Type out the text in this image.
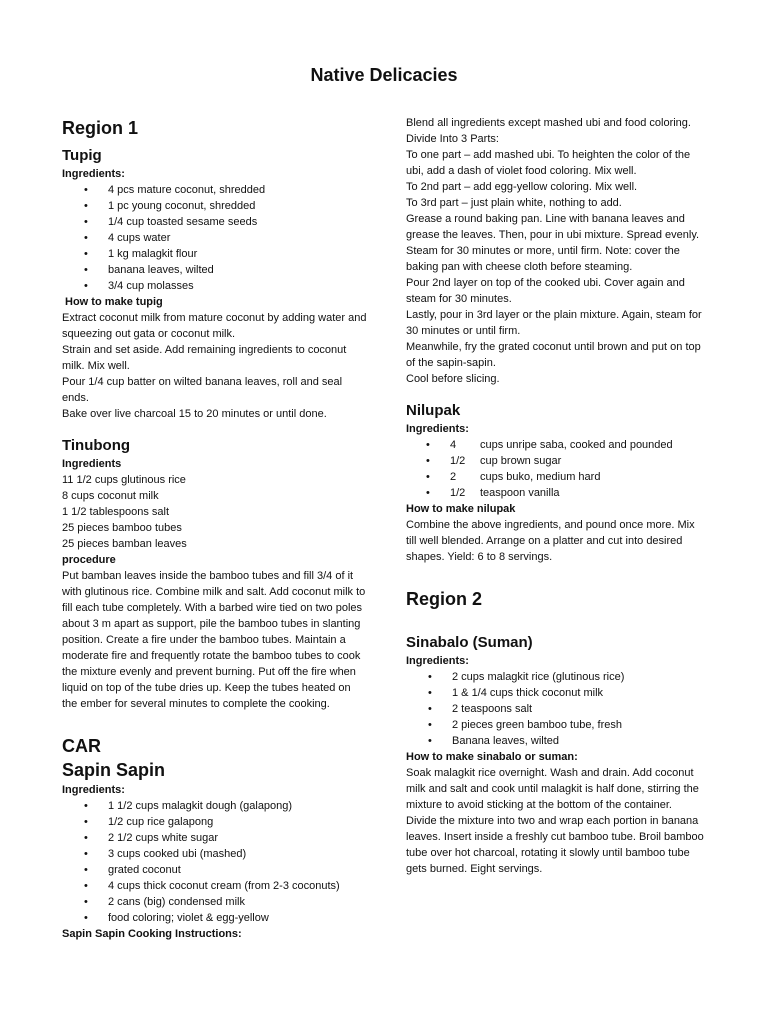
Native Delicacies
Region 1
Tupig
Ingredients:
• 4 pcs mature coconut, shredded
• 1 pc young coconut, shredded
• 1/4 cup toasted sesame seeds
• 4 cups water
• 1 kg malagkit flour
• banana leaves, wilted
• 3/4 cup molasses
How to make tupig
Extract coconut milk from mature coconut by adding water and squeezing out gata or coconut milk.
Strain and set aside. Add remaining ingredients to coconut milk. Mix well.
Pour 1/4 cup batter on wilted banana leaves, roll and seal ends.
Bake over live charcoal 15 to 20 minutes or until done.
Tinubong
Ingredients
11 1/2 cups glutinous rice
8 cups coconut milk
1 1/2 tablespoons salt
25 pieces bamboo tubes
25 pieces bamban leaves
procedure
Put bamban leaves inside the bamboo tubes and fill 3/4 of it with glutinous rice. Combine milk and salt. Add coconut milk to fill each tube completely. With a barbed wire tied on two poles about 3 m apart as support, pile the bamboo tubes in slanting position. Create a fire under the bamboo tubes. Maintain a moderate fire and frequently rotate the bamboo tubes to cook the mixture evenly and prevent burning. Put off the fire when liquid on top of the tube dries up. Keep the tubes heated on the ember for several minutes to complete the cooking.
CAR
Sapin Sapin
Ingredients:
• 1 1/2 cups malagkit dough (galapong)
• 1/2 cup rice galapong
• 2 1/2 cups white sugar
• 3 cups cooked ubi (mashed)
• grated coconut
• 4 cups thick coconut cream (from 2-3 coconuts)
• 2 cans (big) condensed milk
• food coloring; violet & egg-yellow
Sapin Sapin Cooking Instructions:
Blend all ingredients except mashed ubi and food coloring.
Divide Into 3 Parts:
To one part – add mashed ubi. To heighten the color of the ubi, add a dash of violet food coloring. Mix well.
To 2nd part – add egg-yellow coloring. Mix well.
To 3rd part – just plain white, nothing to add.
Grease a round baking pan. Line with banana leaves and grease the leaves. Then, pour in ubi mixture. Spread evenly. Steam for 30 minutes or more, until firm. Note: cover the baking pan with cheese cloth before steaming.
Pour 2nd layer on top of the cooked ubi. Cover again and steam for 30 minutes.
Lastly, pour in 3rd layer or the plain mixture. Again, steam for 30 minutes or until firm.
Meanwhile, fry the grated coconut until brown and put on top of the sapin-sapin.
Cool before slicing.
Nilupak
Ingredients:
• 4	cups unripe saba, cooked and pounded
• 1/2	cup brown sugar
• 2	cups buko, medium hard
• 1/2	teaspoon vanilla
How to make nilupak
Combine the above ingredients, and pound once more. Mix till well blended. Arrange on a platter and cut into desired shapes. Yield: 6 to 8 servings.
Region 2
Sinabalo (Suman)
Ingredients:
• 2 cups malagkit rice (glutinous rice)
• 1 & 1/4 cups thick coconut milk
• 2 teaspoons salt
• 2 pieces green bamboo tube, fresh
• Banana leaves, wilted
How to make sinabalo or suman:
Soak malagkit rice overnight. Wash and drain. Add coconut milk and salt and cook until malagkit is half done, stirring the mixture to avoid sticking at the bottom of the container.
Divide the mixture into two and wrap each portion in banana leaves. Insert inside a freshly cut bamboo tube. Broil bamboo tube over hot charcoal, rotating it slowly until bamboo tube gets burned. Eight servings.
